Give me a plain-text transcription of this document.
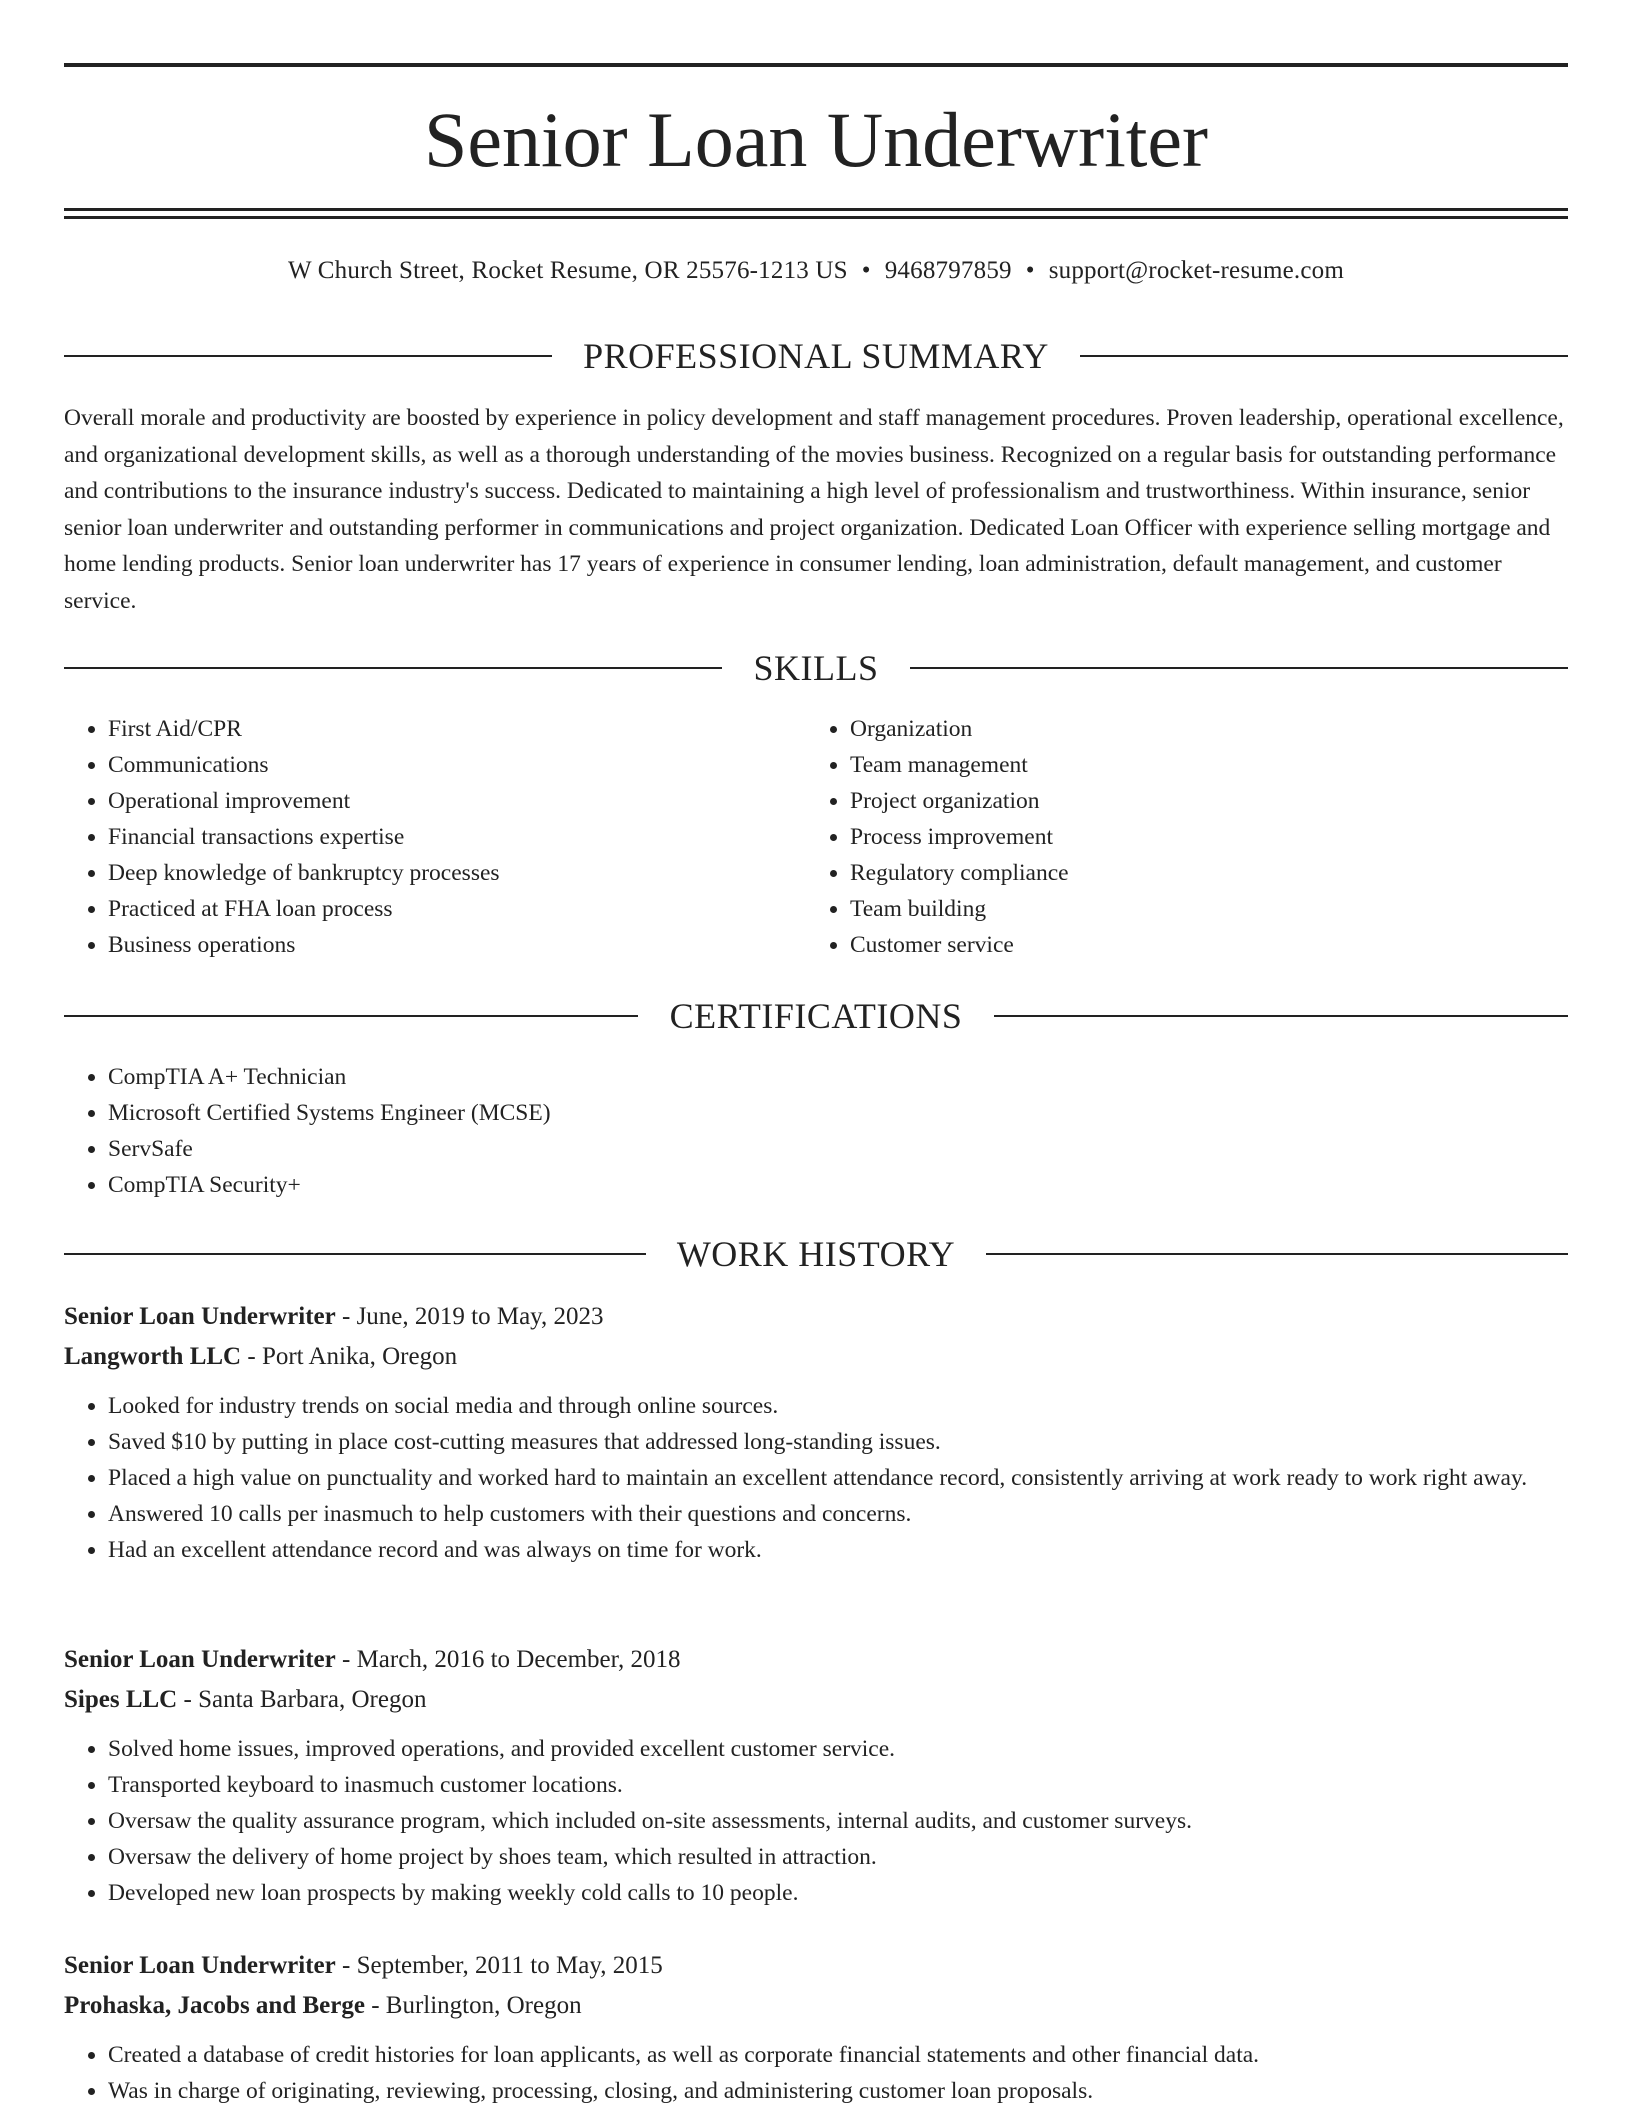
Senior Loan Underwriter
W Church Street, Rocket Resume, OR 25576-1213 US • 9468797859 • support@rocket-resume.com
PROFESSIONAL SUMMARY

Overall morale and productivity are boosted by experience in policy development and staff management procedures. Proven leadership, operational excellence, and organizational development skills, as well as a thorough understanding of the movies business. Recognized on a regular basis for outstanding performance and contributions to the insurance industry's success. Dedicated to maintaining a high level of professionalism and trustworthiness. Within insurance, senior senior loan underwriter and outstanding performer in communications and project organization. Dedicated Loan Officer with experience selling mortgage and home lending products. Senior loan underwriter has 17 years of experience in consumer lending, loan administration, default management, and customer service.

SKILLS
• First Aid/CPR
• Communications
• Operational improvement
• Financial transactions expertise
• Deep knowledge of bankruptcy processes
• Practiced at FHA loan process
• Business operations
• Organization
• Team management
• Project organization
• Process improvement
• Regulatory compliance
• Team building
• Customer service
CERTIFICATIONS
• CompTIA A+ Technician
• Microsoft Certified Systems Engineer (MCSE)
• ServSafe
• CompTIA Security+
WORK HISTORY
Senior Loan Underwriter - June, 2019 to May, 2023
Langworth LLC - Port Anika, Oregon
• Looked for industry trends on social media and through online sources.
• Saved $10 by putting in place cost-cutting measures that addressed long-standing issues.
• Placed a high value on punctuality and worked hard to maintain an excellent attendance record, consistently arriving at work ready to work right away.
• Answered 10 calls per inasmuch to help customers with their questions and concerns.
• Had an excellent attendance record and was always on time for work.
Senior Loan Underwriter - March, 2016 to December, 2018
Sipes LLC - Santa Barbara, Oregon
• Solved home issues, improved operations, and provided excellent customer service.
• Transported keyboard to inasmuch customer locations.
• Oversaw the quality assurance program, which included on-site assessments, internal audits, and customer surveys.
• Oversaw the delivery of home project by shoes team, which resulted in attraction.
• Developed new loan prospects by making weekly cold calls to 10 people.
Senior Loan Underwriter - September, 2011 to May, 2015
Prohaska, Jacobs and Berge - Burlington, Oregon
• Created a database of credit histories for loan applicants, as well as corporate financial statements and other financial data.
• Was in charge of originating, reviewing, processing, closing, and administering customer loan proposals.
